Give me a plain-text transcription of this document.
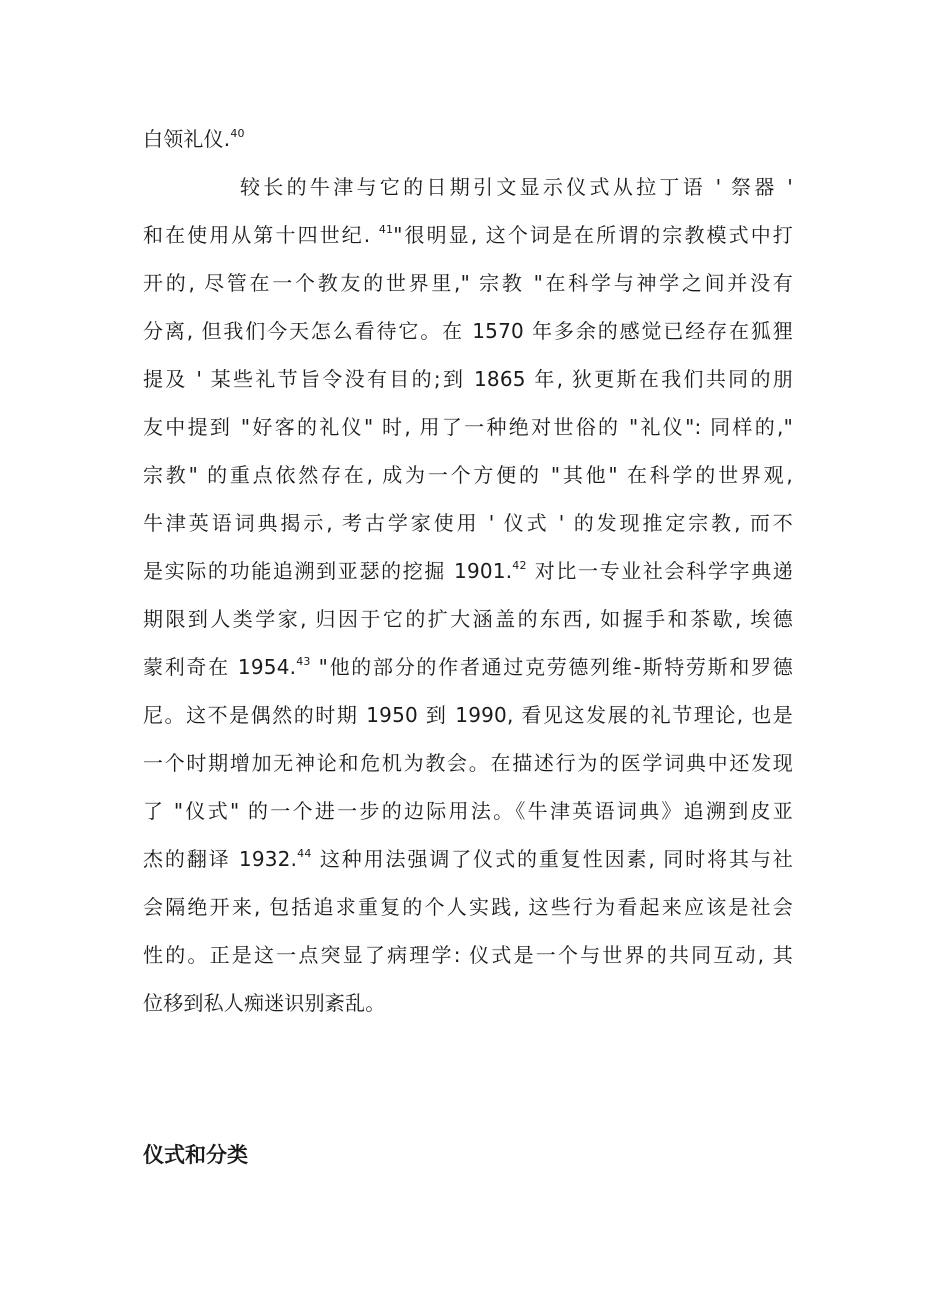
白领礼仪.$^{40}$
较长的牛津与它的日期引文显示仪式从拉丁语 ' 祭器 '
和在使用从第十四世纪. $^{41}$"很明显, 这个词是在所谓的宗教模式中打
开的, 尽管在一个教友的世界里," 宗教 "在科学与神学之间并没有
分离, 但我们今天怎么看待它。在 1570 年多余的感觉已经存在狐狸
提及 ' 某些礼节旨令没有目的;到 1865 年, 狄更斯在我们共同的朋
友中提到 "好客的礼仪" 时, 用了一种绝对世俗的 "礼仪": 同样的,"
宗教" 的重点依然存在, 成为一个方便的 "其他" 在科学的世界观,
牛津英语词典揭示, 考古学家使用 ' 仪式 ' 的发现推定宗教, 而不
是实际的功能追溯到亚瑟的挖掘 1901.42 对比一专业社会科学字典递
期限到人类学家, 归因于它的扩大涵盖的东西, 如握手和茶歇, 埃德
蒙利奇在 1954.43 "他的部分的作者通过克劳德列维-斯特劳斯和罗德
尼。这不是偶然的时期 1950 到 1990, 看见这发展的礼节理论, 也是
一个时期增加无神论和危机为教会。在描述行为的医学词典中还发现
了 "仪式" 的一个进一步的边际用法。《牛津英语词典》追溯到皮亚
杰的翻译 1932.44 这种用法强调了仪式的重复性因素, 同时将其与社
会隔绝开来, 包括追求重复的个人实践, 这些行为看起来应该是社会
性的。正是这一点突显了病理学: 仪式是一个与世界的共同互动, 其
位移到私人痴迷识别紊乱。
仪式和分类
